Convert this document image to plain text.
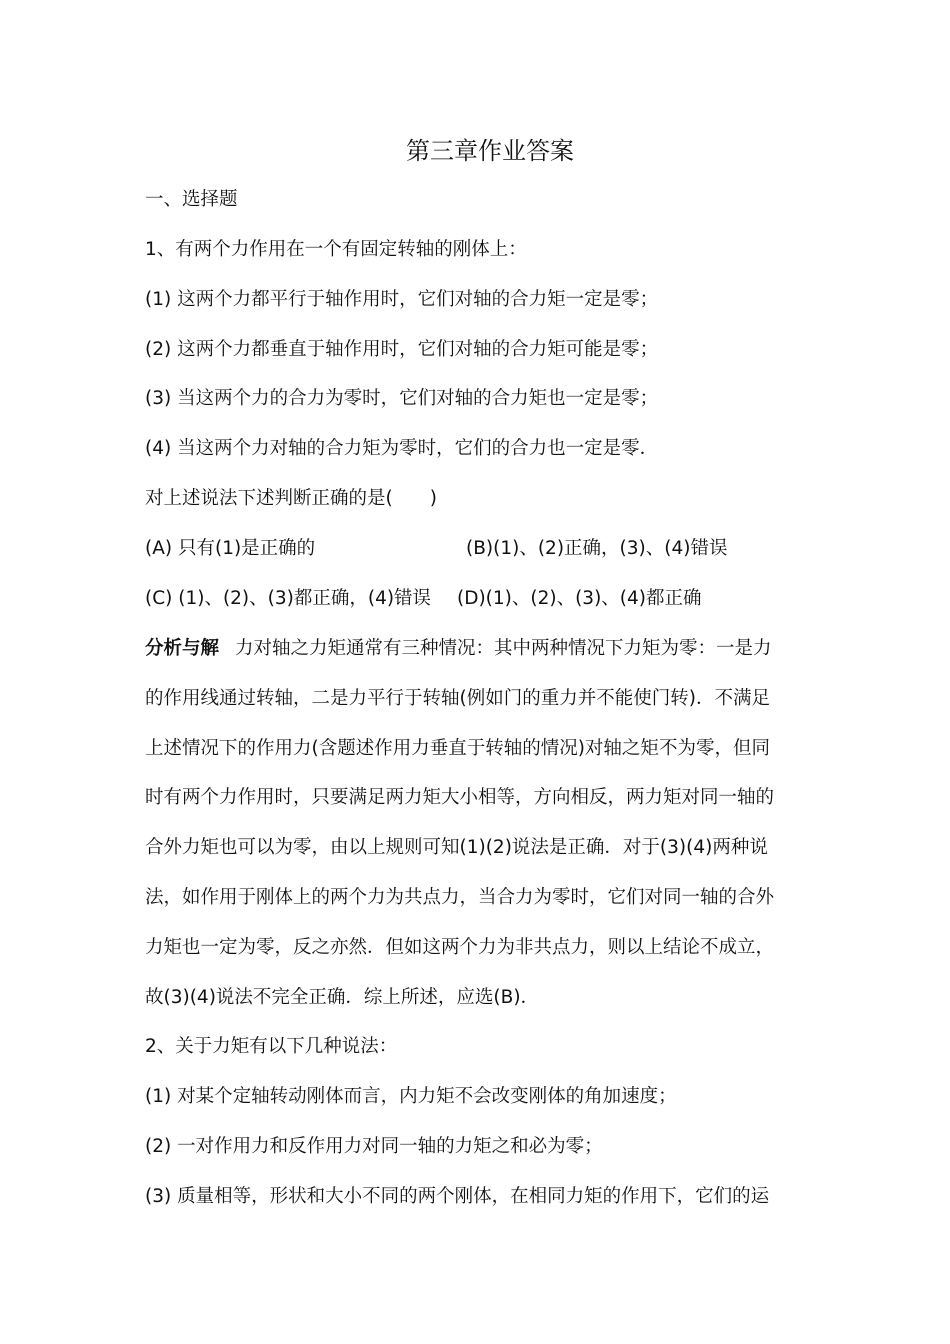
第三章作业答案
一、选择题
1、有两个力作用在一个有固定转轴的刚体上：
(1) 这两个力都平行于轴作用时，它们对轴的合力矩一定是零；
(2) 这两个力都垂直于轴作用时，它们对轴的合力矩可能是零；
(3) 当这两个力的合力为零时，它们对轴的合力矩也一定是零；
(4) 当这两个力对轴的合力矩为零时，它们的合力也一定是零．
对上述说法下述判断正确的是(　　)
(A) 只有(1)是正确的	(B)(1)、(2)正确，(3)、(4)错误
(C) (1)、(2)、(3)都正确，(4)错误 (D)(1)、(2)、(3)、(4)都正确
分析与解 力对轴之力矩通常有三种情况：其中两种情况下力矩为零：一是力
的作用线通过转轴，二是力平行于转轴(例如门的重力并不能使门转)．不满足
上述情况下的作用力(含题述作用力垂直于转轴的情况)对轴之矩不为零，但同
时有两个力作用时，只要满足两力矩大小相等，方向相反，两力矩对同一轴的
合外力矩也可以为零，由以上规则可知(1)(2)说法是正确．对于(3)(4)两种说
法，如作用于刚体上的两个力为共点力，当合力为零时，它们对同一轴的合外
力矩也一定为零，反之亦然．但如这两个力为非共点力，则以上结论不成立，
故(3)(4)说法不完全正确．综上所述，应选(B)．
2、关于力矩有以下几种说法：
(1) 对某个定轴转动刚体而言，内力矩不会改变刚体的角加速度；
(2) 一对作用力和反作用力对同一轴的力矩之和必为零；
(3) 质量相等，形状和大小不同的两个刚体，在相同力矩的作用下，它们的运
